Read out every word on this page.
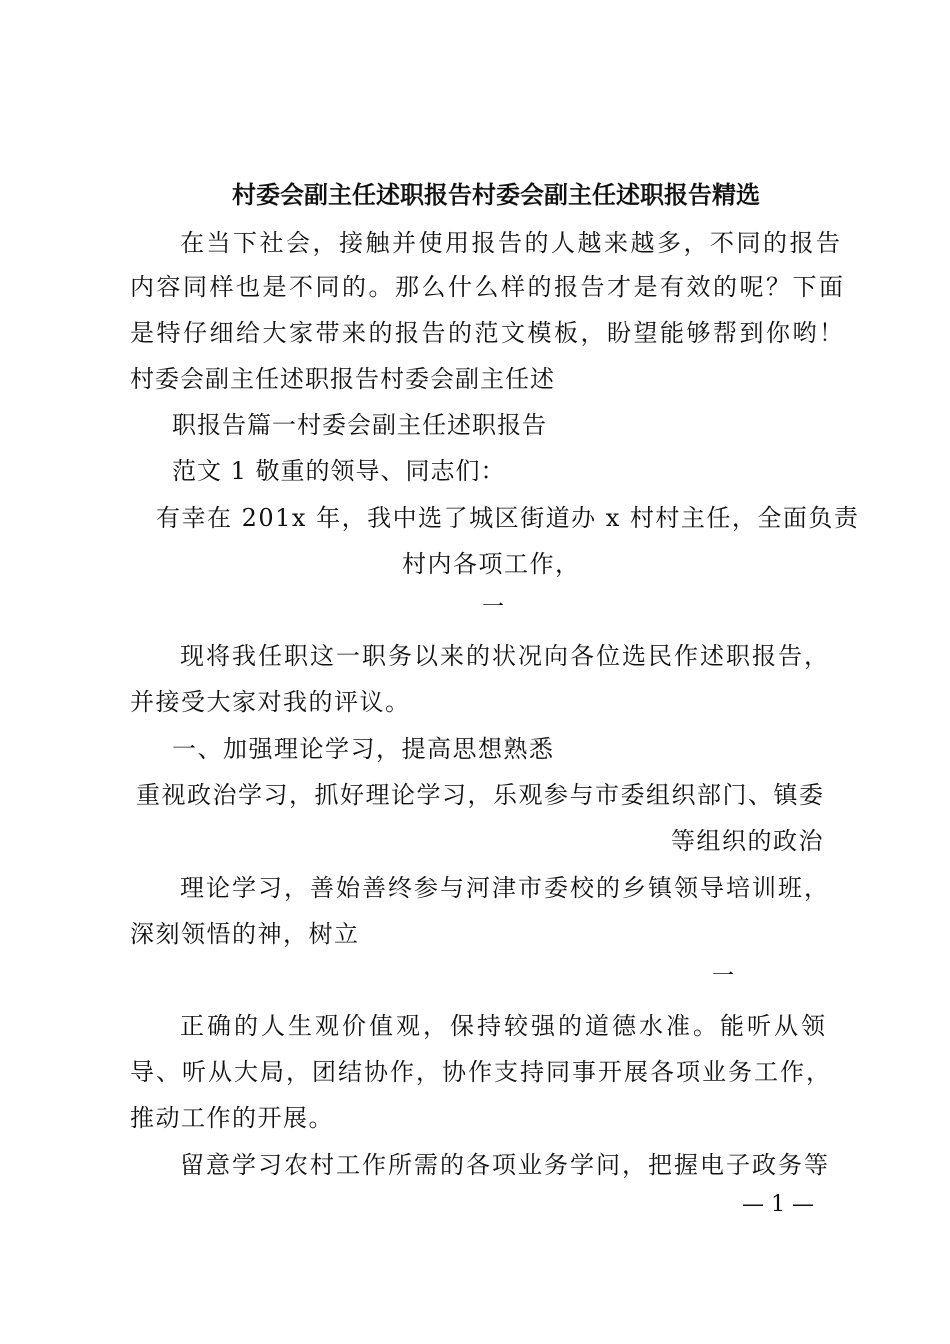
村委会副主任述职报告村委会副主任述职报告精选
在当下社会，接触并使用报告的人越来越多，不同的报告
内容同样也是不同的。那么什么样的报告才是有效的呢？下面
是特仔细给大家带来的报告的范文模板，盼望能够帮到你哟！
村委会副主任述职报告村委会副主任述
职报告篇一村委会副主任述职报告
范文 1 敬重的领导、同志们：
有幸在 201x 年，我中选了城区街道办 x 村村主任，全面负责
村内各项工作，
一
现将我任职这一职务以来的状况向各位选民作述职报告，
并接受大家对我的评议。
一、加强理论学习，提高思想熟悉
重视政治学习，抓好理论学习，乐观参与市委组织部门、镇委
等组织的政治
理论学习，善始善终参与河津市委校的乡镇领导培训班，
深刻领悟的神，树立
一
正确的人生观价值观，保持较强的道德水准。能听从领
导、听从大局，团结协作，协作支持同事开展各项业务工作，
推动工作的开展。
留意学习农村工作所需的各项业务学问，把握电子政务等
— 1 —
